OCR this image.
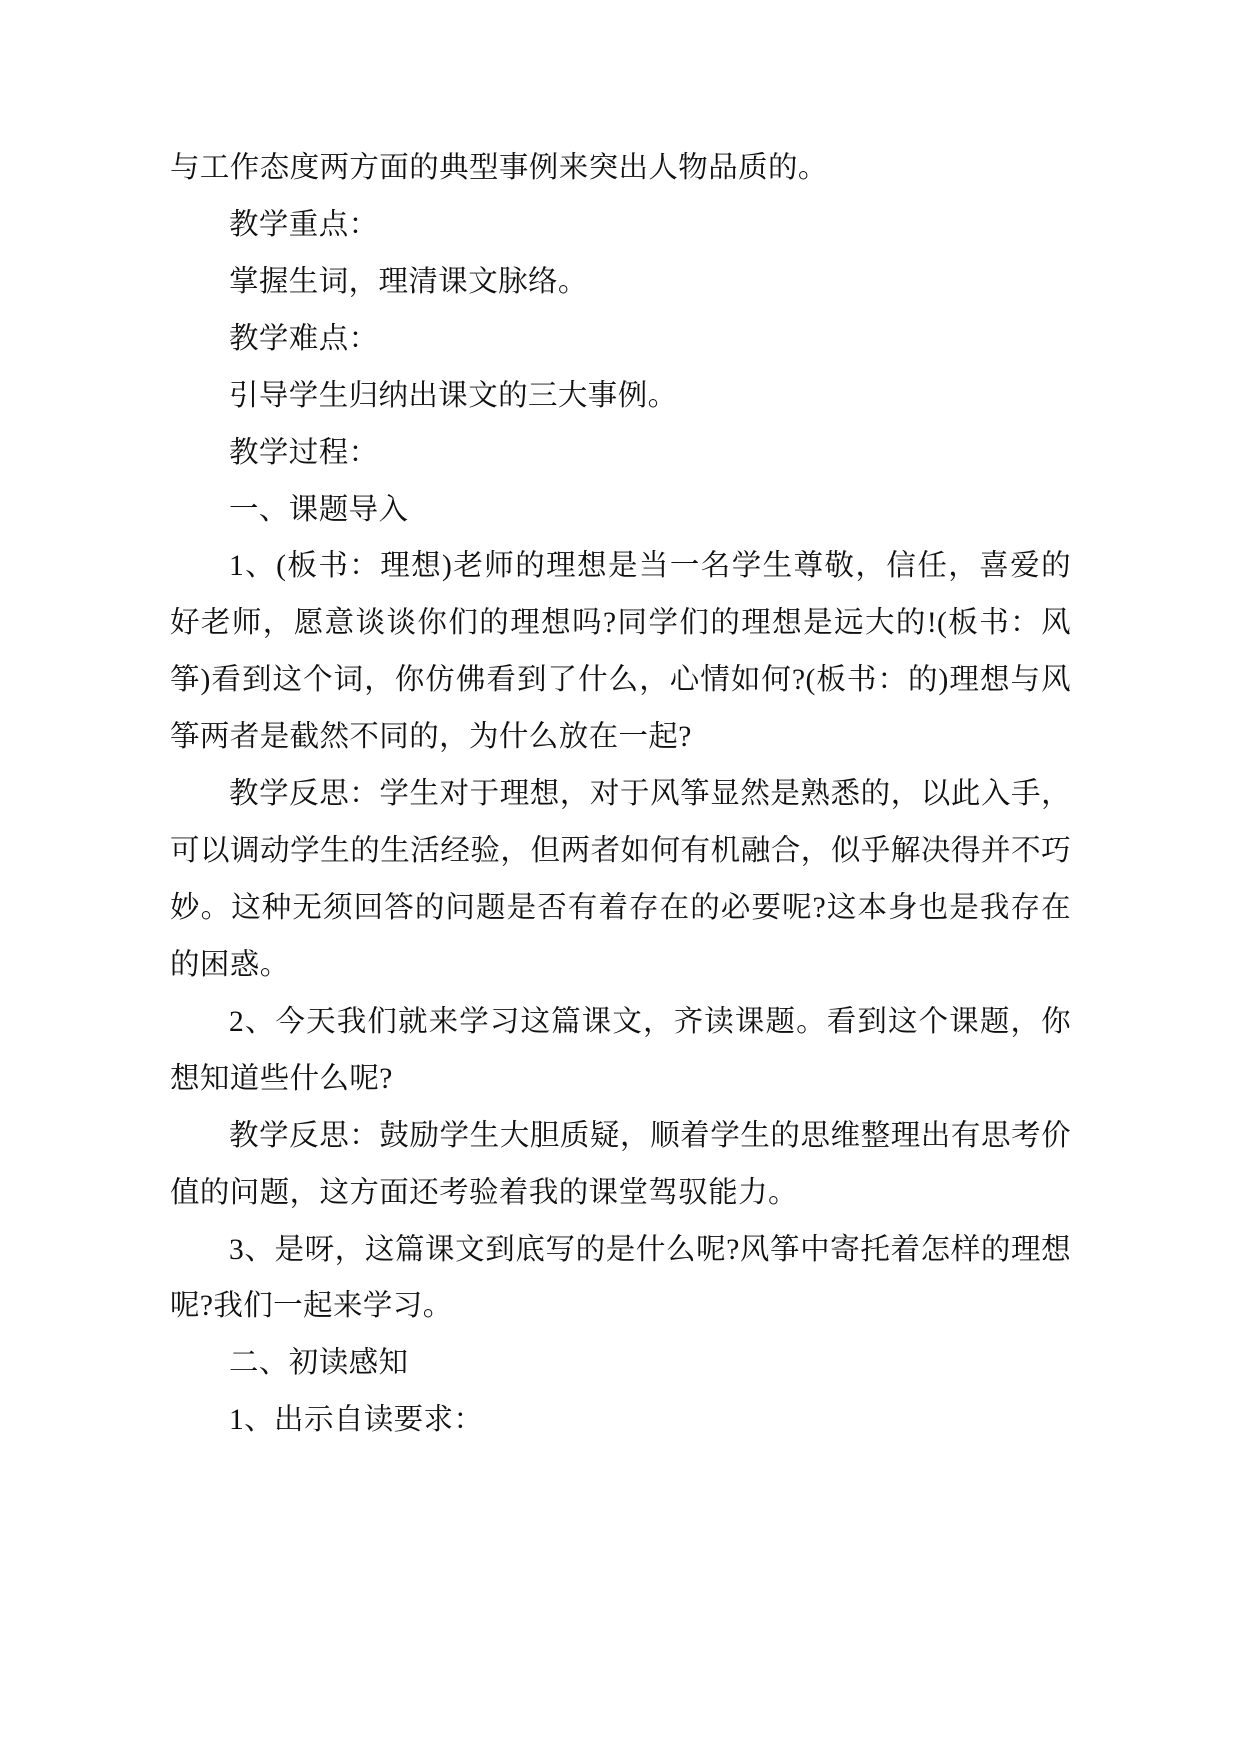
与工作态度两方面的典型事例来突出人物品质的。

教学重点：

掌握生词，理清课文脉络。

教学难点：

引导学生归纳出课文的三大事例。

教学过程：

一、课题导入

1、(板书：理想)老师的理想是当一名学生尊敬，信任，喜爱的好老师，愿意谈谈你们的理想吗?同学们的理想是远大的!(板书：风筝)看到这个词，你仿佛看到了什么，心情如何?(板书：的)理想与风筝两者是截然不同的，为什么放在一起?

教学反思：学生对于理想，对于风筝显然是熟悉的，以此入手，可以调动学生的生活经验，但两者如何有机融合，似乎解决得并不巧妙。这种无须回答的问题是否有着存在的必要呢?这本身也是我存在的困惑。

2、今天我们就来学习这篇课文，齐读课题。看到这个课题，你想知道些什么呢?

教学反思：鼓励学生大胆质疑，顺着学生的思维整理出有思考价值的问题，这方面还考验着我的课堂驾驭能力。

3、是呀，这篇课文到底写的是什么呢?风筝中寄托着怎样的理想呢?我们一起来学习。

二、初读感知

1、出示自读要求：
